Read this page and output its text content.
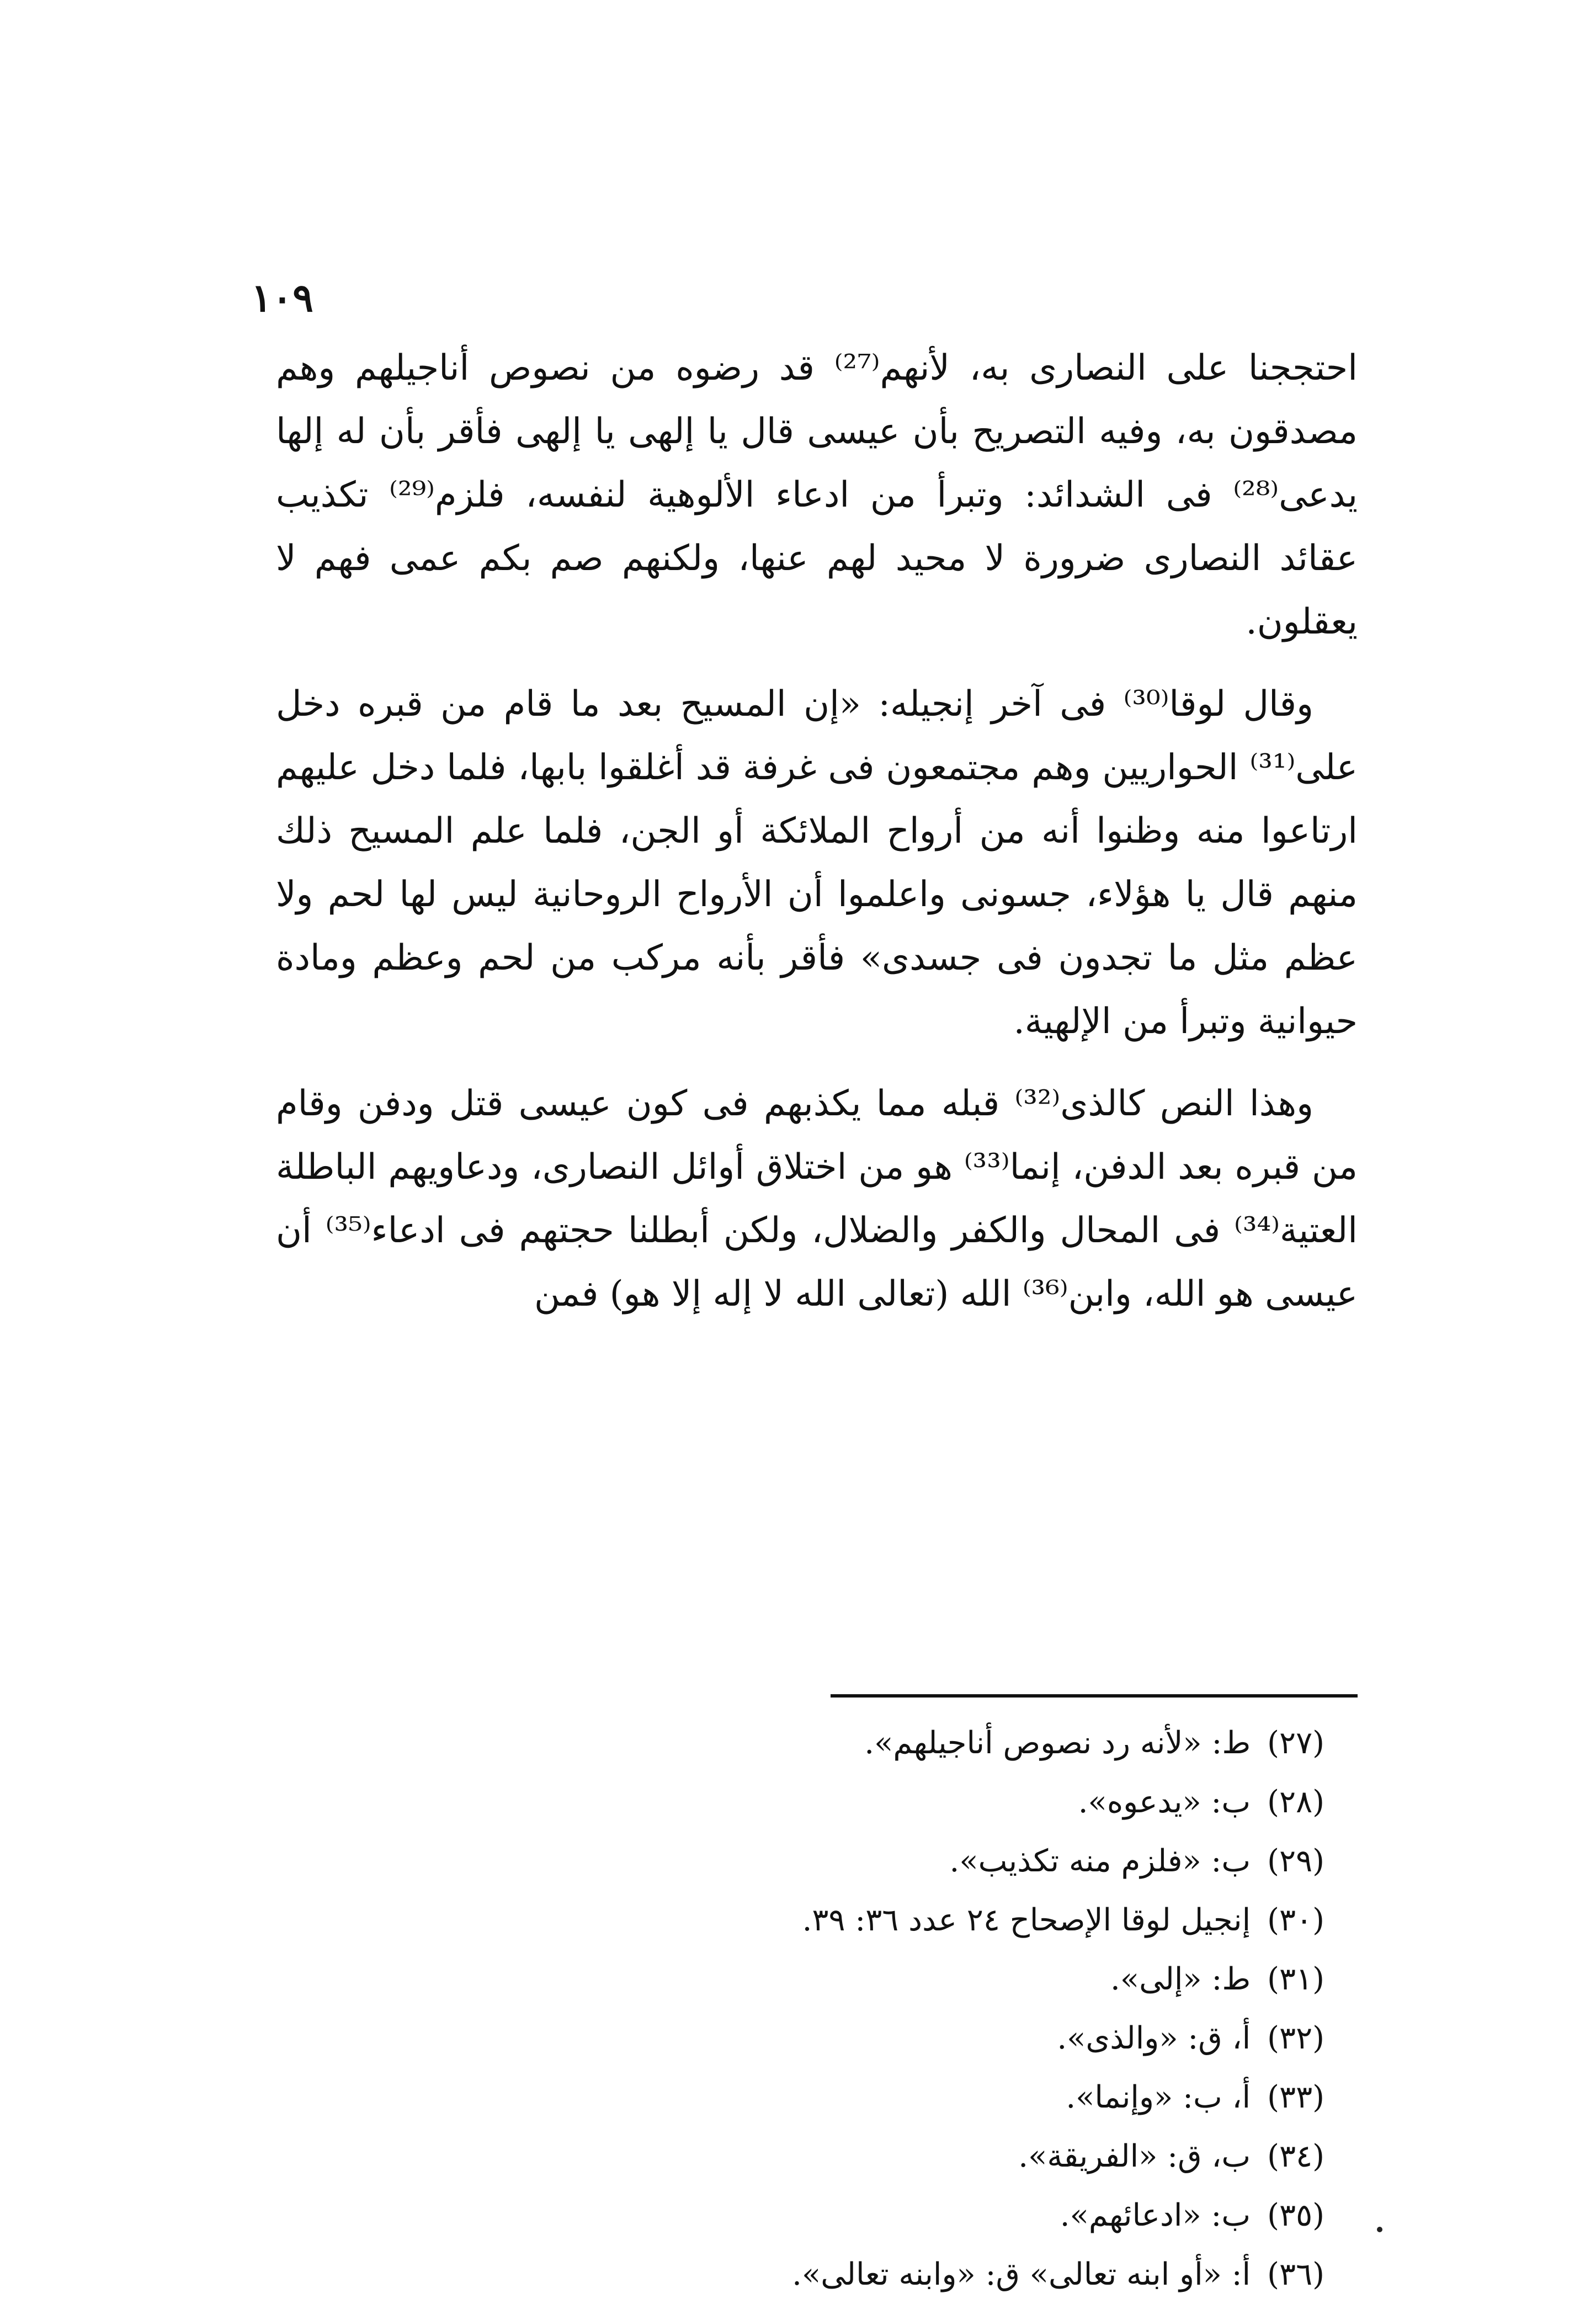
١٠٩

احتججنا على النصارى به، لأنهم⁽²⁷⁾ قد رضوه من نصوص أناجيلهم وهم مصدقون به، وفيه التصريح بأن عيسى قال يا إلهى يا إلهى فأقر بأن له إلها يدعى⁽²⁸⁾ فى الشدائد: وتبرأ من ادعاء الألوهية لنفسه، فلزم⁽²⁹⁾ تكذيب عقائد النصارى ضرورة لا محيد لهم عنها، ولكنهم صم بكم عمى فهم لا يعقلون.

وقال لوقا⁽³⁰⁾ فى آخر إنجيله: «إن المسيح بعد ما قام من قبره دخل على⁽³¹⁾ الحواريين وهم مجتمعون فى غرفة قد أغلقوا بابها، فلما دخل عليهم ارتاعوا منه وظنوا أنه من أرواح الملائكة أو الجن، فلما علم المسيح ذلك منهم قال يا هؤلاء، جسونى واعلموا أن الأرواح الروحانية ليس لها لحم ولا عظم مثل ما تجدون فى جسدى» فأقر بأنه مركب من لحم وعظم ومادة حيوانية وتبرأ من الإلهية.

وهذا النص كالذى⁽³²⁾ قبله مما يكذبهم فى كون عيسى قتل ودفن وقام من قبره بعد الدفن، إنما⁽³³⁾ هو من اختلاق أوائل النصارى، ودعاويهم الباطلة العتية⁽³⁴⁾ فى المحال والكفر والضلال، ولكن أبطلنا حجتهم فى ادعاء⁽³⁵⁾ أن عيسى هو الله، وابن⁽³⁶⁾ الله (تعالى الله لا إله إلا هو) فمن

(٢٧)ط: «لأنه رد نصوص أناجيلهم».
(٢٨)ب: «يدعوه».
(٢٩)ب: «فلزم منه تكذيب».
(٣٠)إنجيل لوقا الإصحاح ٢٤ عدد ٣٦: ٣٩.
(٣١)ط: «إلى».
(٣٢)أ، ق: «والذى».
(٣٣)أ، ب: «وإنما».
(٣٤)ب، ق: «الفريقة».
(٣٥)ب: «ادعائهم».
(٣٦)أ: «أو ابنه تعالى» ق: «وابنه تعالى».
